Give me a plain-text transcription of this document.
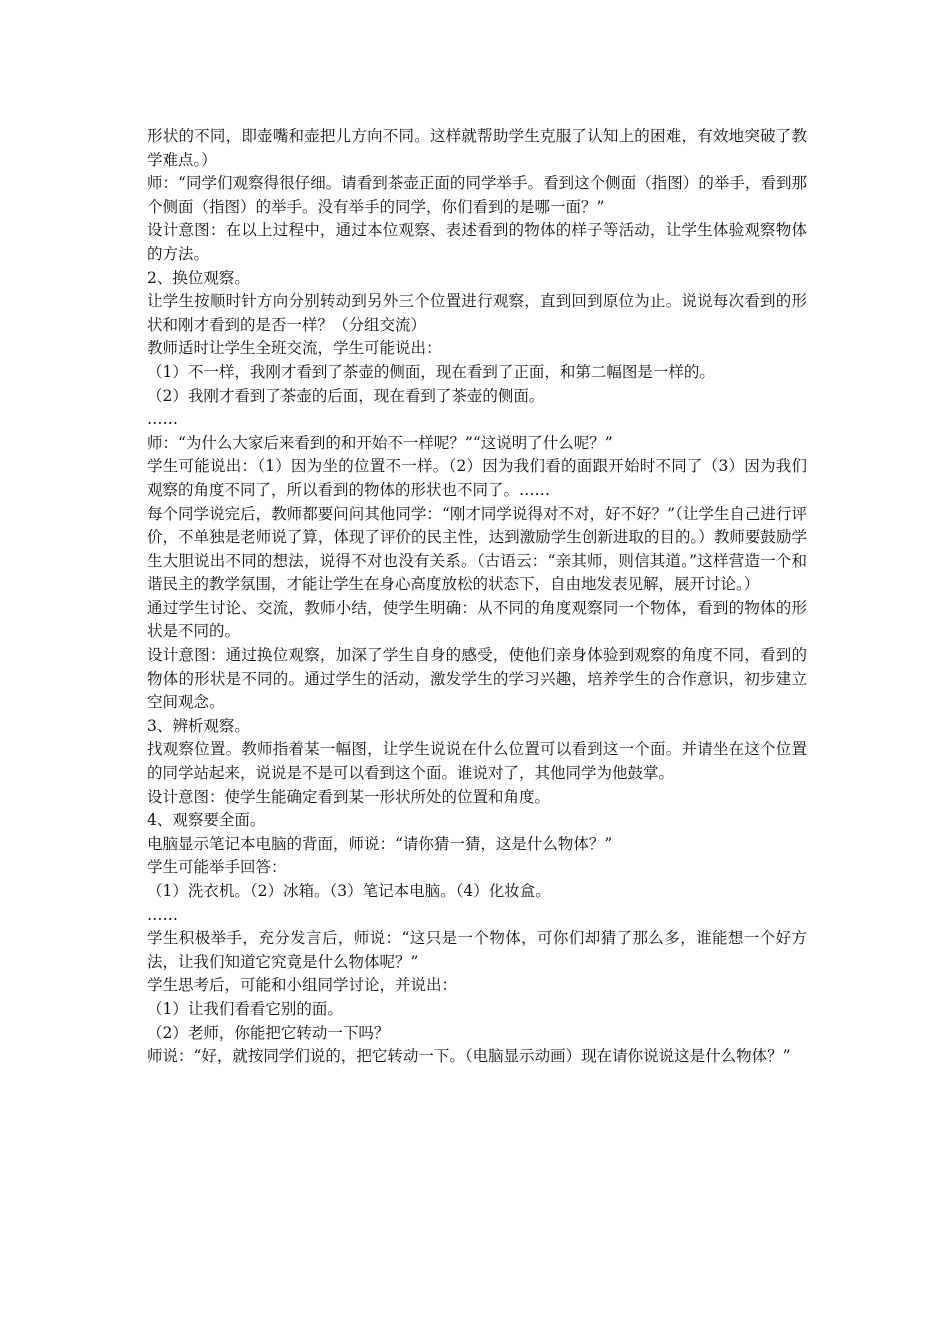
形状的不同，即壶嘴和壶把儿方向不同。这样就帮助学生克服了认知上的困难，有效地突破了教学难点。）

师：“同学们观察得很仔细。请看到茶壶正面的同学举手。看到这个侧面（指图）的举手，看到那个侧面（指图）的举手。没有举手的同学，你们看到的是哪一面？”

设计意图：在以上过程中，通过本位观察、表述看到的物体的样子等活动，让学生体验观察物体的方法。

2、换位观察。

让学生按顺时针方向分别转动到另外三个位置进行观察，直到回到原位为止。说说每次看到的形状和刚才看到的是否一样？（分组交流）

教师适时让学生全班交流，学生可能说出：

（1）不一样，我刚才看到了茶壶的侧面，现在看到了正面，和第二幅图是一样的。

（2）我刚才看到了茶壶的后面，现在看到了茶壶的侧面。

……

师：“为什么大家后来看到的和开始不一样呢？”“这说明了什么呢？”

学生可能说出：（1）因为坐的位置不一样。（2）因为我们看的面跟开始时不同了（3）因为我们观察的角度不同了，所以看到的物体的形状也不同了。……

每个同学说完后，教师都要问问其他同学：“刚才同学说得对不对，好不好？”（让学生自己进行评价，不单独是老师说了算，体现了评价的民主性，达到激励学生创新进取的目的。）教师要鼓励学生大胆说出不同的想法，说得不对也没有关系。（古语云：“亲其师，则信其道。”这样营造一个和谐民主的教学氛围，才能让学生在身心高度放松的状态下，自由地发表见解，展开讨论。）

通过学生讨论、交流，教师小结，使学生明确：从不同的角度观察同一个物体，看到的物体的形状是不同的。

设计意图：通过换位观察，加深了学生自身的感受，使他们亲身体验到观察的角度不同，看到的物体的形状是不同的。通过学生的活动，激发学生的学习兴趣，培养学生的合作意识，初步建立空间观念。

3、辨析观察。

找观察位置。教师指着某一幅图，让学生说说在什么位置可以看到这一个面。并请坐在这个位置的同学站起来，说说是不是可以看到这个面。谁说对了，其他同学为他鼓掌。

设计意图：使学生能确定看到某一形状所处的位置和角度。

4、观察要全面。

电脑显示笔记本电脑的背面，师说：“请你猜一猜，这是什么物体？”

学生可能举手回答：

（1）洗衣机。（2）冰箱。（3）笔记本电脑。（4）化妆盒。

……

学生积极举手，充分发言后，师说：“这只是一个物体，可你们却猜了那么多，谁能想一个好方法，让我们知道它究竟是什么物体呢？”

学生思考后，可能和小组同学讨论，并说出：

（1）让我们看看它别的面。

（2）老师，你能把它转动一下吗？

师说：“好，就按同学们说的，把它转动一下。（电脑显示动画）现在请你说说这是什么物体？”
